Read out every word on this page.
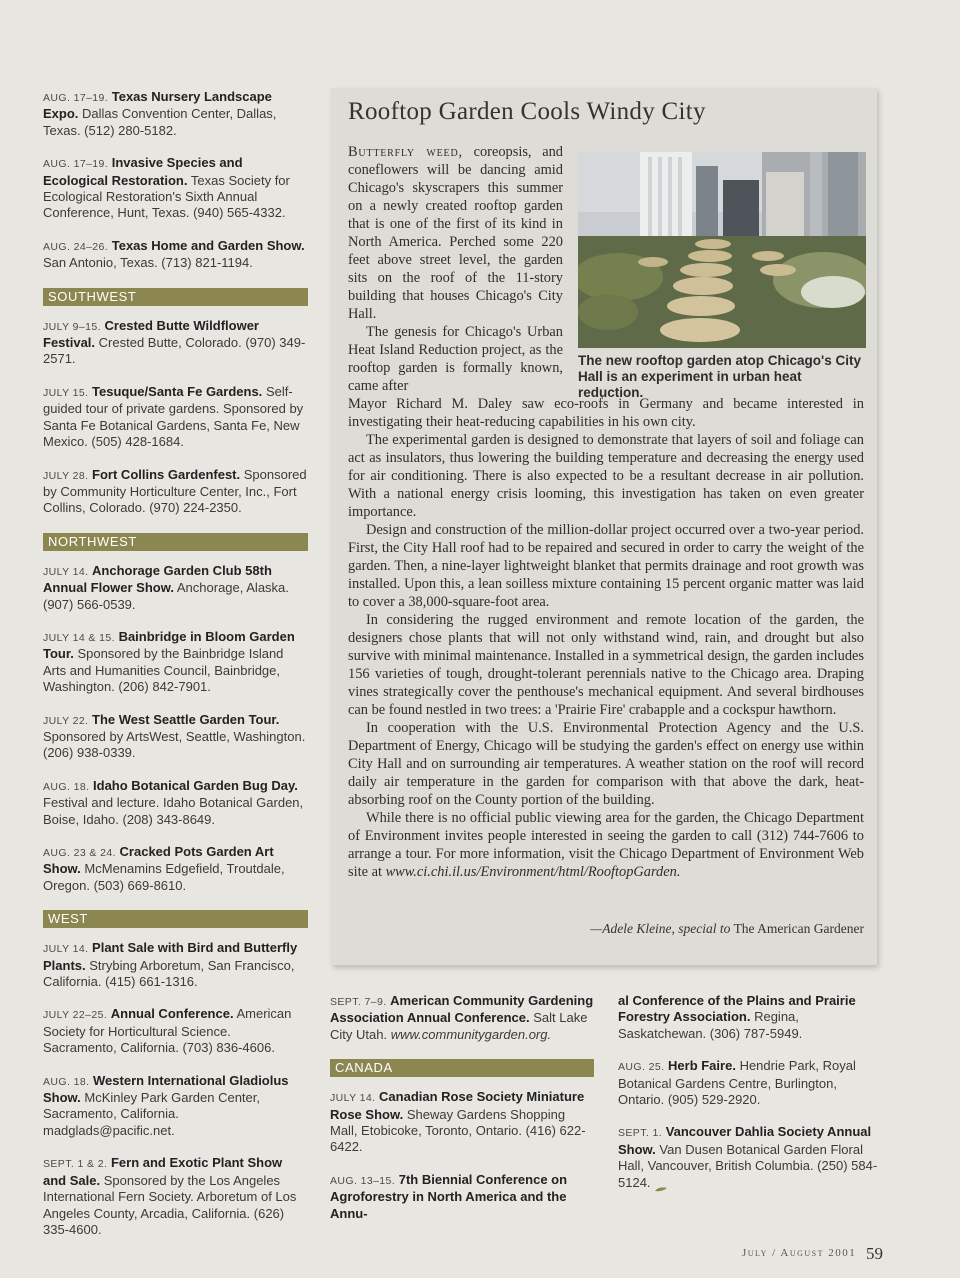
AUG. 17–19. Texas Nursery Landscape Expo. Dallas Convention Center, Dallas, Texas. (512) 280-5182.
AUG. 17–19. Invasive Species and Ecological Restoration. Texas Society for Ecological Restoration's Sixth Annual Conference, Hunt, Texas. (940) 565-4332.
AUG. 24–26. Texas Home and Garden Show. San Antonio, Texas. (713) 821-1194.
SOUTHWEST
JULY 9–15. Crested Butte Wildflower Festival. Crested Butte, Colorado. (970) 349-2571.
JULY 15. Tesuque/Santa Fe Gardens. Self-guided tour of private gardens. Sponsored by Santa Fe Botanical Gardens, Santa Fe, New Mexico. (505) 428-1684.
JULY 28. Fort Collins Gardenfest. Sponsored by Community Horticulture Center, Inc., Fort Collins, Colorado. (970) 224-2350.
NORTHWEST
JULY 14. Anchorage Garden Club 58th Annual Flower Show. Anchorage, Alaska. (907) 566-0539.
JULY 14 & 15. Bainbridge in Bloom Garden Tour. Sponsored by the Bainbridge Island Arts and Humanities Council, Bainbridge, Washington. (206) 842-7901.
JULY 22. The West Seattle Garden Tour. Sponsored by ArtsWest, Seattle, Washington. (206) 938-0339.
AUG. 18. Idaho Botanical Garden Bug Day. Festival and lecture. Idaho Botanical Garden, Boise, Idaho. (208) 343-8649.
AUG. 23 & 24. Cracked Pots Garden Art Show. McMenamins Edgefield, Troutdale, Oregon. (503) 669-8610.
WEST
JULY 14. Plant Sale with Bird and Butterfly Plants. Strybing Arboretum, San Francisco, California. (415) 661-1316.
JULY 22–25. Annual Conference. American Society for Horticultural Science. Sacramento, California. (703) 836-4606.
AUG. 18. Western International Gladiolus Show. McKinley Park Garden Center, Sacramento, California. madglads@pacific.net.
SEPT. 1 & 2. Fern and Exotic Plant Show and Sale. Sponsored by the Los Angeles International Fern Society. Arboretum of Los Angeles County, Arcadia, California. (626) 335-4600.
Rooftop Garden Cools Windy City
The new rooftop garden atop Chicago's City Hall is an experiment in urban heat reduction.

Butterfly weed, coreopsis, and coneflowers will be dancing amid Chicago's skyscrapers this summer on a newly created rooftop garden that is one of the first of its kind in North America. Perched some 220 feet above street level, the garden sits on the roof of the 11-story building that houses Chicago's City Hall.

The genesis for Chicago's Urban Heat Island Reduction project, as the rooftop garden is formally known, came after

Mayor Richard M. Daley saw eco-roofs in Germany and became interested in investigating their heat-reducing capabilities in his own city.

The experimental garden is designed to demonstrate that layers of soil and foliage can act as insulators, thus lowering the building temperature and decreasing the energy used for air conditioning. There is also expected to be a resultant decrease in air pollution. With a national energy crisis looming, this investigation has taken on even greater importance.

Design and construction of the million-dollar project occurred over a two-year period. First, the City Hall roof had to be repaired and secured in order to carry the weight of the garden. Then, a nine-layer lightweight blanket that permits drainage and root growth was installed. Upon this, a lean soilless mixture containing 15 percent organic matter was laid to cover a 38,000-square-foot area.

In considering the rugged environment and remote location of the garden, the designers chose plants that will not only withstand wind, rain, and drought but also survive with minimal maintenance. Installed in a symmetrical design, the garden includes 156 varieties of tough, drought-tolerant perennials native to the Chicago area. Draping vines strategically cover the penthouse's mechanical equipment. And several birdhouses can be found nestled in two trees: a 'Prairie Fire' crabapple and a cockspur hawthorn.

In cooperation with the U.S. Environmental Protection Agency and the U.S. Department of Energy, Chicago will be studying the garden's effect on energy use within City Hall and on surrounding air temperatures. A weather station on the roof will record daily air temperature in the garden for comparison with that above the dark, heat-absorbing roof on the County portion of the building.

While there is no official public viewing area for the garden, the Chicago Department of Environment invites people interested in seeing the garden to call (312) 744-7606 to arrange a tour. For more information, visit the Chicago Department of Environment Web site at www.ci.chi.il.us/Environment/html/RooftopGarden.

—Adele Kleine, special to The American Gardener
SEPT. 7–9. American Community Gardening Association Annual Conference. Salt Lake City Utah. www.communitygarden.org.
CANADA
JULY 14. Canadian Rose Society Miniature Rose Show. Sheway Gardens Shopping Mall, Etobicoke, Toronto, Ontario. (416) 622-6422.
AUG. 13–15. 7th Biennial Conference on Agroforestry in North America and the Annu-
al Conference of the Plains and Prairie Forestry Association. Regina, Saskatchewan. (306) 787-5949.
AUG. 25. Herb Faire. Hendrie Park, Royal Botanical Gardens Centre, Burlington, Ontario. (905) 529-2920.
SEPT. 1. Vancouver Dahlia Society Annual Show. Van Dusen Botanical Garden Floral Hall, Vancouver, British Columbia. (250) 584-5124.
July / August 2001 59
